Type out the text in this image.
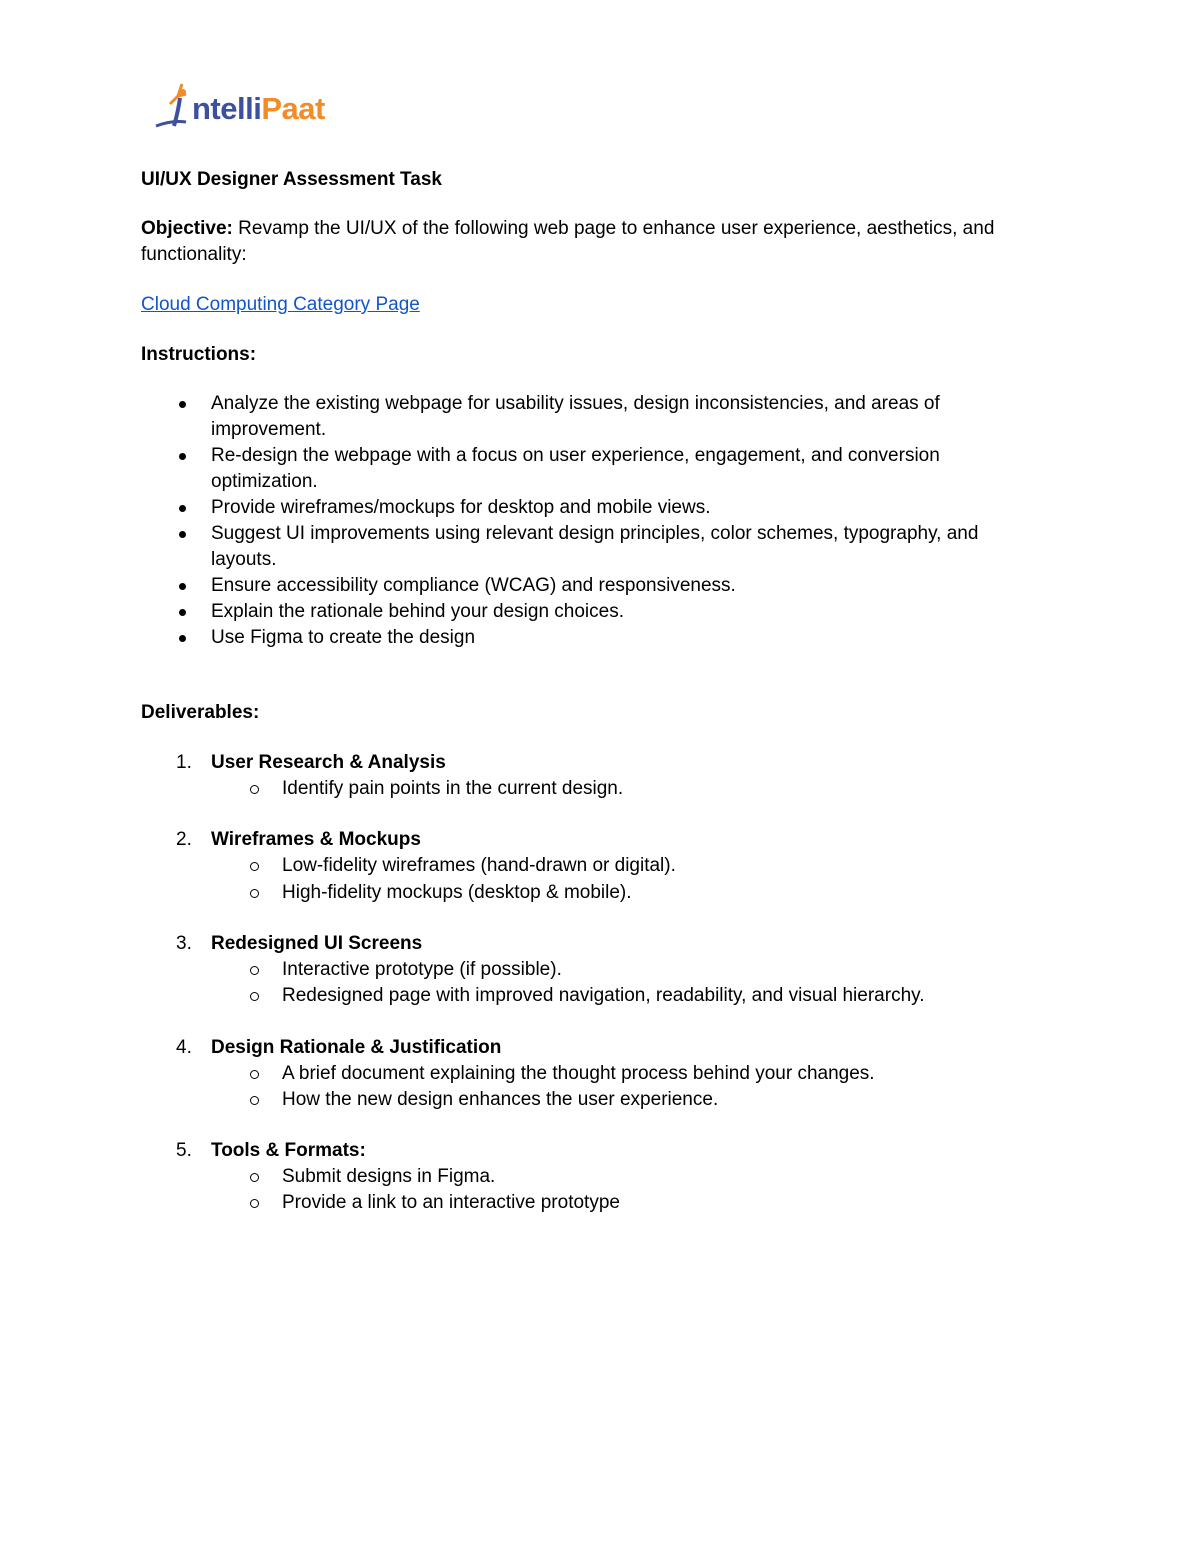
ntelliPaat
UI/UX Designer Assessment Task
Objective: Revamp the UI/UX of the following web page to enhance user experience, aesthetics, and functionality:
Cloud Computing Category Page
Instructions:
Analyze the existing webpage for usability issues, design inconsistencies, and areas of improvement.
Re-design the webpage with a focus on user experience, engagement, and conversion optimization.
Provide wireframes/mockups for desktop and mobile views.
Suggest UI improvements using relevant design principles, color schemes, typography, and layouts.
Ensure accessibility compliance (WCAG) and responsiveness.
Explain the rationale behind your design choices.
Use Figma to create the design
Deliverables:
1. User Research & Analysis
Identify pain points in the current design.
2. Wireframes & Mockups
Low-fidelity wireframes (hand-drawn or digital).
High-fidelity mockups (desktop & mobile).
3. Redesigned UI Screens
Interactive prototype (if possible).
Redesigned page with improved navigation, readability, and visual hierarchy.
4. Design Rationale & Justification
A brief document explaining the thought process behind your changes.
How the new design enhances the user experience.
5. Tools & Formats:
Submit designs in Figma.
Provide a link to an interactive prototype
